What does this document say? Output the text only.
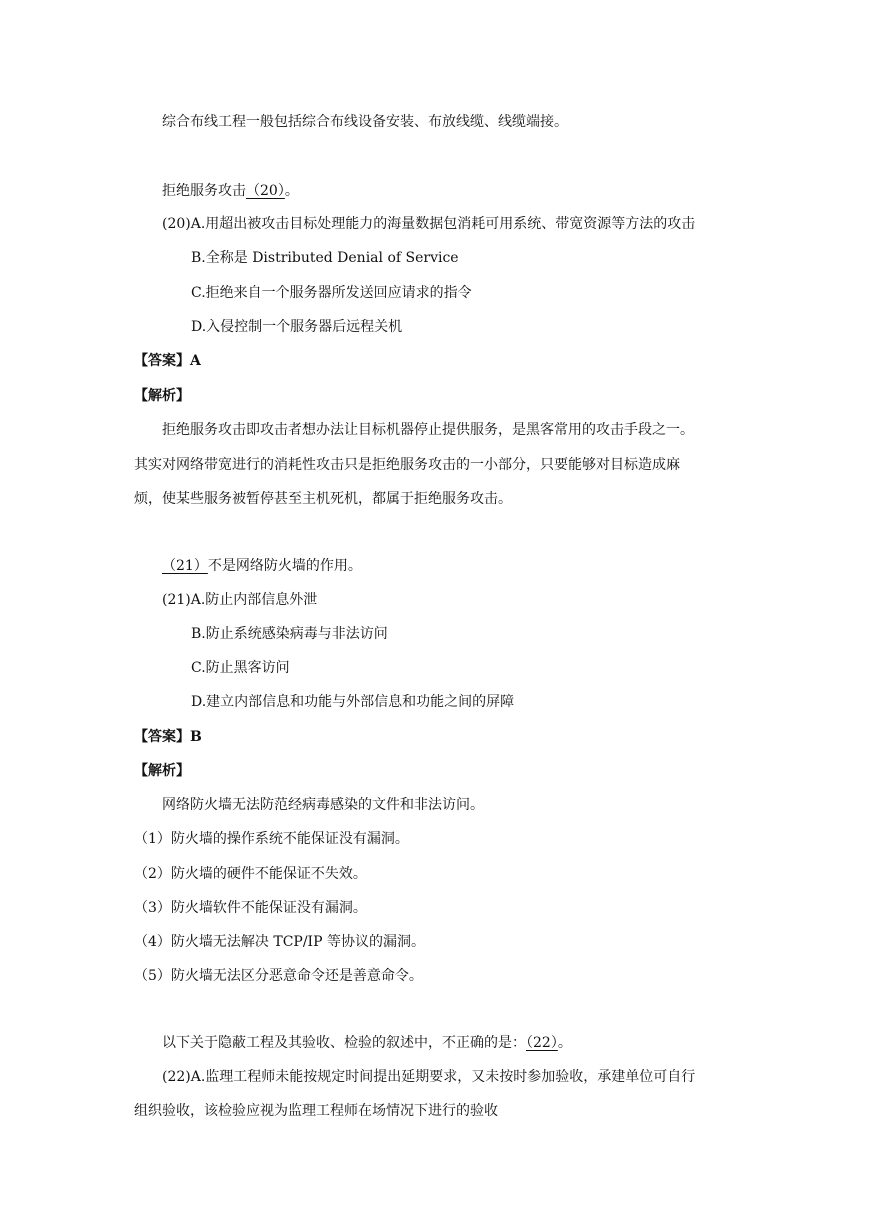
综合布线工程一般包括综合布线设备安装、布放线缆、线缆端接。
拒绝服务攻击（20）。
(20)A.用超出被攻击目标处理能力的海量数据包消耗可用系统、带宽资源等方法的攻击
B.全称是 Distributed Denial of Service
C.拒绝来自一个服务器所发送回应请求的指令
D.入侵控制一个服务器后远程关机
【答案】A
【解析】
拒绝服务攻击即攻击者想办法让目标机器停止提供服务，是黑客常用的攻击手段之一。
其实对网络带宽进行的消耗性攻击只是拒绝服务攻击的一小部分，只要能够对目标造成麻
烦，使某些服务被暂停甚至主机死机，都属于拒绝服务攻击。
（21）不是网络防火墙的作用。
(21)A.防止内部信息外泄
B.防止系统感染病毒与非法访问
C.防止黑客访问
D.建立内部信息和功能与外部信息和功能之间的屏障
【答案】B
【解析】
网络防火墙无法防范经病毒感染的文件和非法访问。
（1）防火墙的操作系统不能保证没有漏洞。
（2）防火墙的硬件不能保证不失效。
（3）防火墙软件不能保证没有漏洞。
（4）防火墙无法解决 TCP/IP 等协议的漏洞。
（5）防火墙无法区分恶意命令还是善意命令。
以下关于隐蔽工程及其验收、检验的叙述中，不正确的是：（22）。
(22)A.监理工程师未能按规定时间提出延期要求，又未按时参加验收，承建单位可自行
组织验收，该检验应视为监理工程师在场情况下进行的验收
